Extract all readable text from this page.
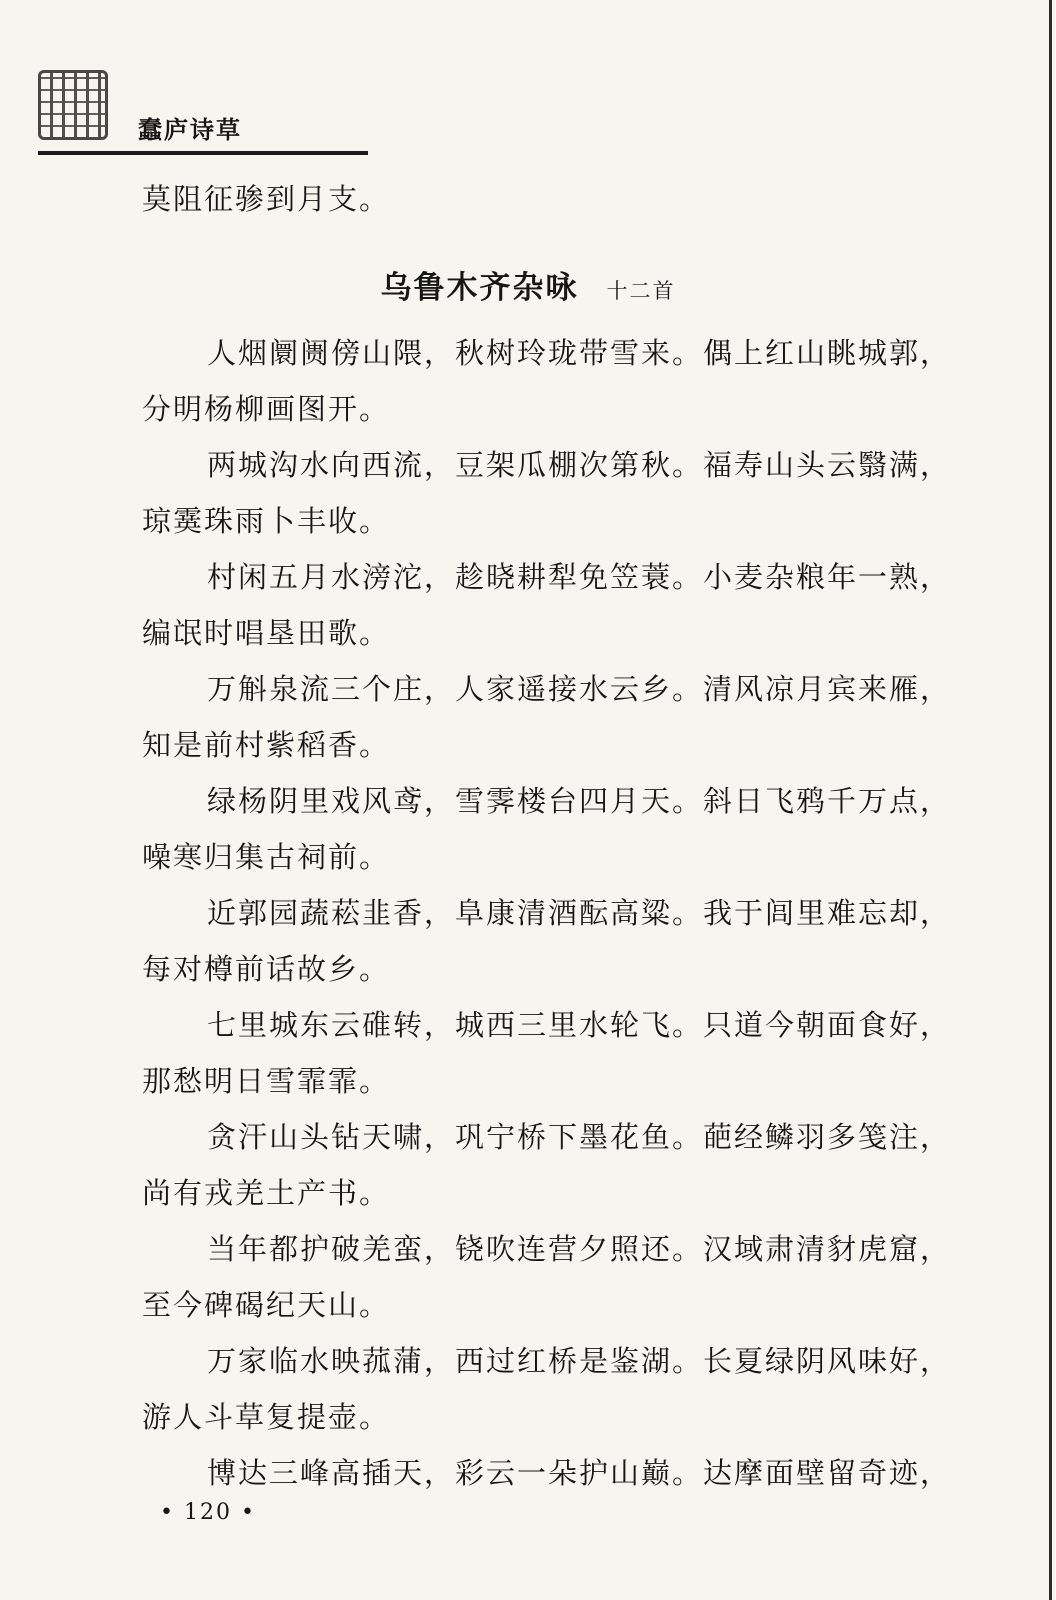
蠢庐诗草
莫阻征骖到月支。
乌鲁木齐杂咏 十二首
人烟阛阓傍山隈，秋树玲珑带雪来。偶上红山眺城郭，
分明杨柳画图开。
两城沟水向西流，豆架瓜棚次第秋。福寿山头云翳满，
琼霙珠雨卜丰收。
村闲五月水滂沱，趁晓耕犁免笠蓑。小麦杂粮年一熟，
编氓时唱垦田歌。
万斛泉流三个庄，人家遥接水云乡。清风凉月宾来雁，
知是前村紫稻香。
绿杨阴里戏风鸢，雪霁楼台四月天。斜日飞鸦千万点，
噪寒归集古祠前。
近郭园蔬菘韭香，阜康清酒酝高粱。我于闾里难忘却，
每对樽前话故乡。
七里城东云碓转，城西三里水轮飞。只道今朝面食好，
那愁明日雪霏霏。
贪汗山头钻天啸，巩宁桥下墨花鱼。葩经鳞羽多笺注，
尚有戎羌土产书。
当年都护破羌蛮，铙吹连营夕照还。汉域肃清豺虎窟，
至今碑碣纪天山。
万家临水映菰蒲，西过红桥是鉴湖。长夏绿阴风味好，
游人斗草复提壶。
博达三峰高插天，彩云一朵护山巅。达摩面壁留奇迹，
• 120 •
